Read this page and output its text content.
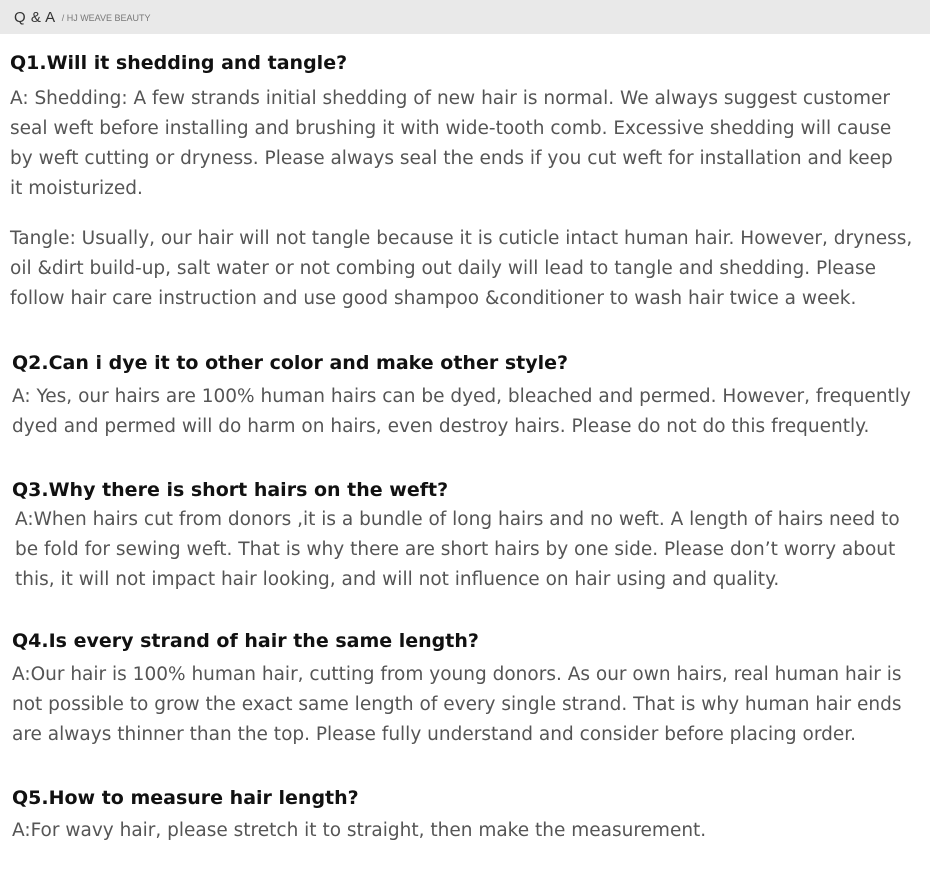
Q & A / HJ WEAVE BEAUTY
Q1.Will it shedding and tangle?
A: Shedding: A few strands initial shedding of new hair is normal. We always suggest customer
seal weft before installing and brushing it with wide-tooth comb. Excessive shedding will cause
by weft cutting or dryness. Please always seal the ends if you cut weft for installation and keep
it moisturized.
Tangle: Usually, our hair will not tangle because it is cuticle intact human hair. However, dryness,
oil &dirt build-up, salt water or not combing out daily will lead to tangle and shedding. Please
follow hair care instruction and use good shampoo &conditioner to wash hair twice a week.
Q2.Can i dye it to other color and make other style?
A: Yes, our hairs are 100% human hairs can be dyed, bleached and permed. However, frequently
dyed and permed will do harm on hairs, even destroy hairs. Please do not do this frequently.
Q3.Why there is short hairs on the weft?
A:When hairs cut from donors ,it is a bundle of long hairs and no weft. A length of hairs need to
be fold for sewing weft. That is why there are short hairs by one side. Please don’t worry about
this, it will not impact hair looking, and will not influence on hair using and quality.
Q4.Is every strand of hair the same length?
A:Our hair is 100% human hair, cutting from young donors. As our own hairs, real human hair is
not possible to grow the exact same length of every single strand. That is why human hair ends
are always thinner than the top. Please fully understand and consider before placing order.
Q5.How to measure hair length?
A:For wavy hair, please stretch it to straight, then make the measurement.
